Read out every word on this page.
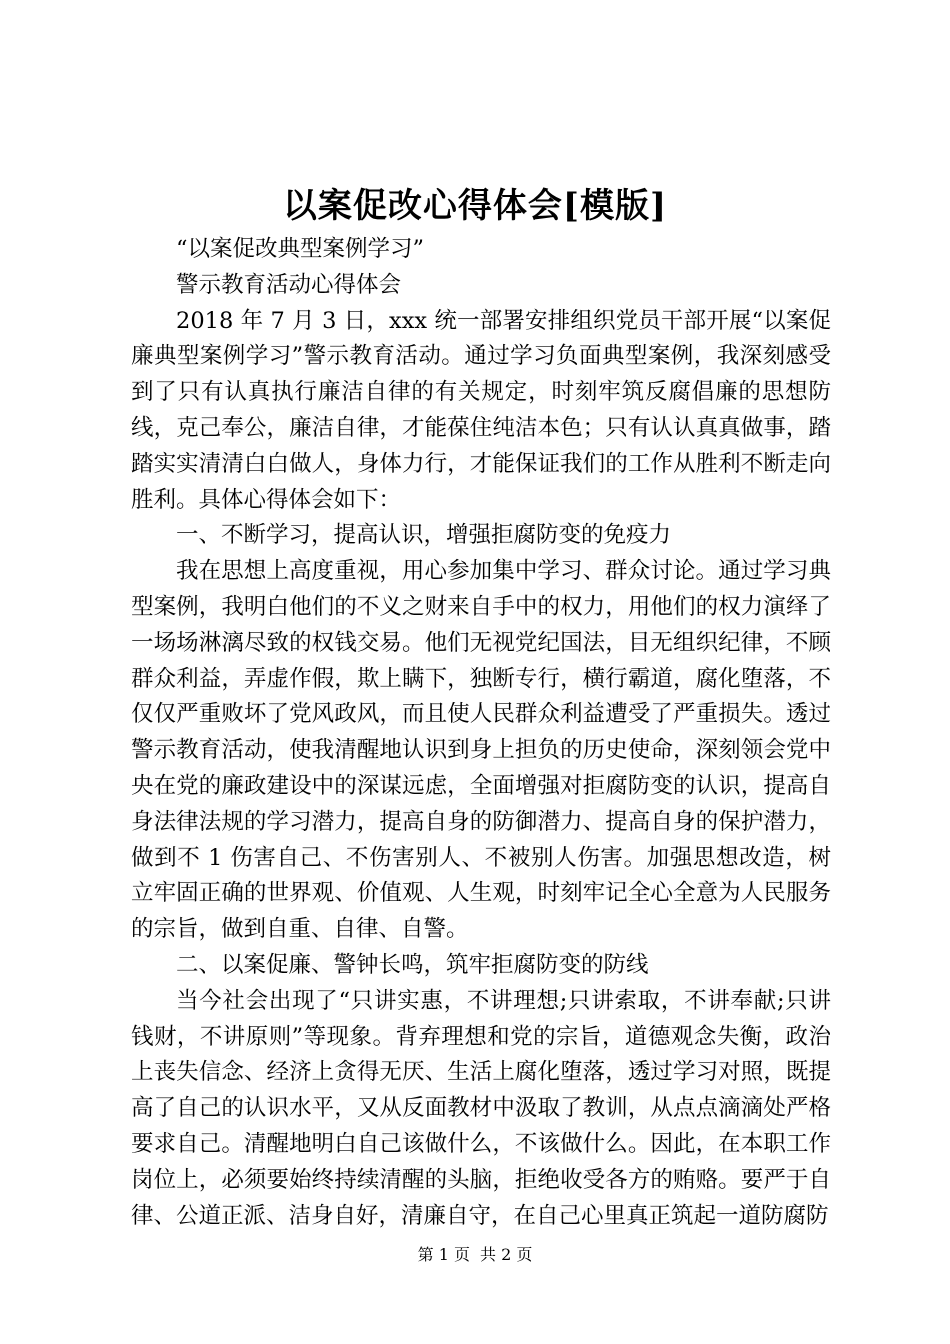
以案促改心得体会[模版]

“以案促改典型案例学习”

警示教育活动心得体会

2018 年 7 月 3 日，xxx 统一部署安排组织党员干部开展“以案促廉典型案例学习”警示教育活动。通过学习负面典型案例，我深刻感受到了只有认真执行廉洁自律的有关规定，时刻牢筑反腐倡廉的思想防线，克己奉公，廉洁自律，才能葆住纯洁本色；只有认认真真做事，踏踏实实清清白白做人，身体力行，才能保证我们的工作从胜利不断走向胜利。具体心得体会如下：

一、不断学习，提高认识，增强拒腐防变的免疫力

我在思想上高度重视，用心参加集中学习、群众讨论。通过学习典型案例，我明白他们的不义之财来自手中的权力，用他们的权力演绎了一场场淋漓尽致的权钱交易。他们无视党纪国法，目无组织纪律，不顾群众利益，弄虚作假，欺上瞒下，独断专行，横行霸道，腐化堕落，不仅仅严重败坏了党风政风，而且使人民群众利益遭受了严重损失。透过警示教育活动，使我清醒地认识到身上担负的历史使命，深刻领会党中央在党的廉政建设中的深谋远虑，全面增强对拒腐防变的认识，提高自身法律法规的学习潜力，提高自身的防御潜力、提高自身的保护潜力，做到不 1 伤害自己、不伤害别人、不被别人伤害。加强思想改造，树立牢固正确的世界观、价值观、人生观，时刻牢记全心全意为人民服务的宗旨，做到自重、自律、自警。

二、以案促廉、警钟长鸣，筑牢拒腐防变的防线

当今社会出现了“只讲实惠，不讲理想;只讲索取，不讲奉献;只讲钱财，不讲原则”等现象。背弃理想和党的宗旨，道德观念失衡，政治上丧失信念、经济上贪得无厌、生活上腐化堕落，透过学习对照，既提高了自己的认识水平，又从反面教材中汲取了教训，从点点滴滴处严格要求自己。清醒地明白自己该做什么，不该做什么。因此，在本职工作岗位上，必须要始终持续清醒的头脑，拒绝收受各方的贿赂。要严于自律、公道正派、洁身自好，清廉自守，在自己心里真正筑起一道防腐防

第 1 页 共 2 页
